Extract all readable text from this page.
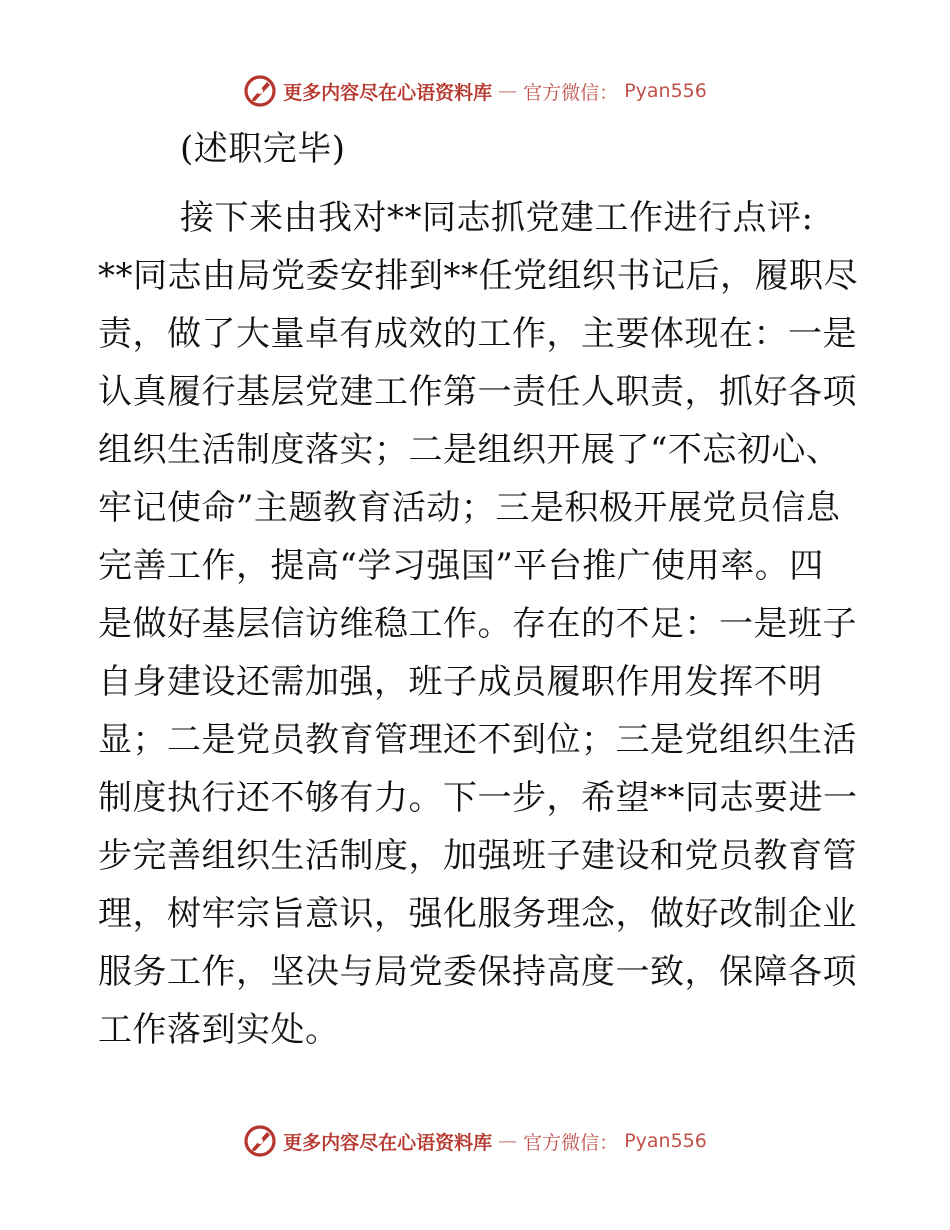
更多内容尽在心语资料库 — 官方微信： Pyan556
(述职完毕)
接下来由我对**同志抓党建工作进行点评:
**同志由局党委安排到**任党组织书记后，履职尽
责，做了大量卓有成效的工作，主要体现在：一是
认真履行基层党建工作第一责任人职责，抓好各项
组织生活制度落实；二是组织开展了“不忘初心、
牢记使命”主题教育活动；三是积极开展党员信息
完善工作，提高“学习强国”平台推广使用率。四
是做好基层信访维稳工作。存在的不足：一是班子
自身建设还需加强，班子成员履职作用发挥不明
显；二是党员教育管理还不到位；三是党组织生活
制度执行还不够有力。下一步，希望**同志要进一
步完善组织生活制度，加强班子建设和党员教育管
理，树牢宗旨意识，强化服务理念，做好改制企业
服务工作，坚决与局党委保持高度一致，保障各项
工作落到实处。
更多内容尽在心语资料库 — 官方微信： Pyan556
